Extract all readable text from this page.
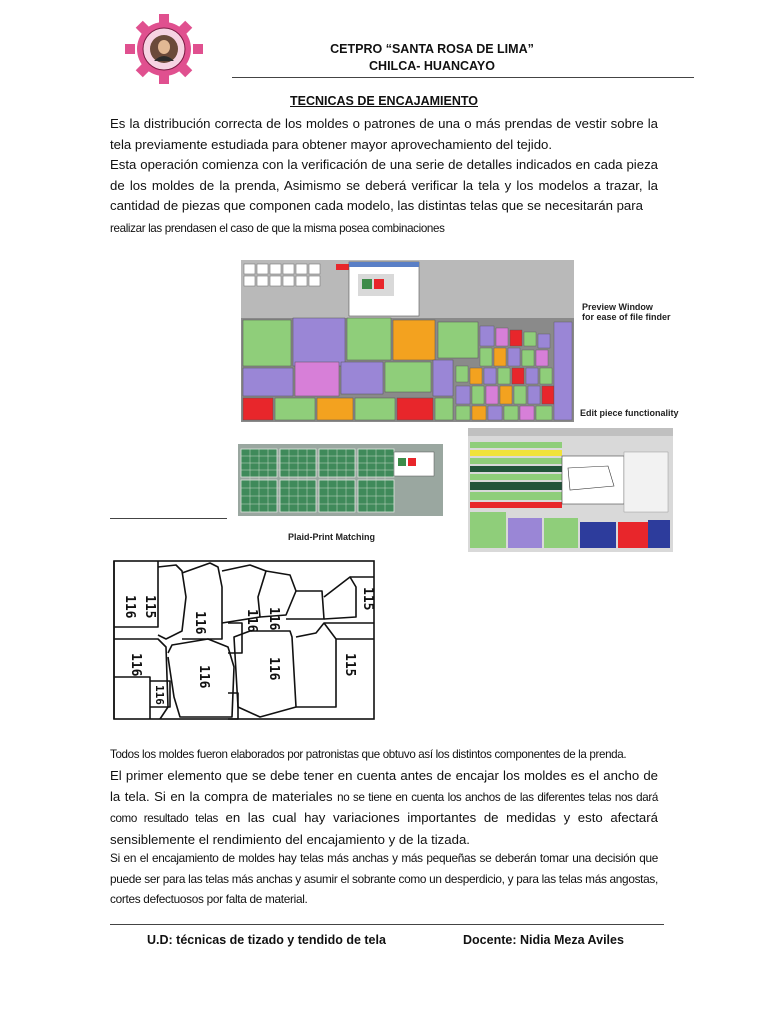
CETPRO “SANTA ROSA DE LIMA”
CHILCA- HUANCAYO
TECNICAS DE ENCAJAMIENTO
Es la distribución correcta de los moldes o patrones de una o más prendas de vestir sobre la tela previamente estudiada para obtener mayor aprovechamiento del tejido.
Esta operación comienza con la verificación de una serie de detalles indicados en cada pieza de los moldes de la prenda, Asimismo se deberá verificar la tela y los modelos a trazar, la cantidad de piezas que componen cada modelo, las distintas telas que se necesitarán para
realizar las prendasen el caso de que la misma posea combinaciones
Preview Window
for ease of file finder
Edit piece functionality
Plaid-Print Matching
116 115
116	116 116
115
116
116	116	115
116
Todos los moldes fueron elaborados por patronistas que obtuvo así los distintos componentes de la prenda.
El primer elemento que se debe tener en cuenta antes de encajar los moldes es el ancho de la tela. Si en la compra de materiales no se tiene en cuenta los anchos de las diferentes telas nos dará como resultado telas en las cual hay variaciones importantes de medidas y esto afectará sensiblemente el rendimiento del encajamiento y de la tizada.
Si en el encajamiento de moldes hay telas más anchas y más pequeñas se deberán tomar una decisión que puede ser para las telas más anchas y asumir el sobrante como un desperdicio, y para las telas más angostas, cortes defectuosos por falta de material.
U.D: técnicas de tizado y tendido de tela	Docente: Nidia Meza Aviles
